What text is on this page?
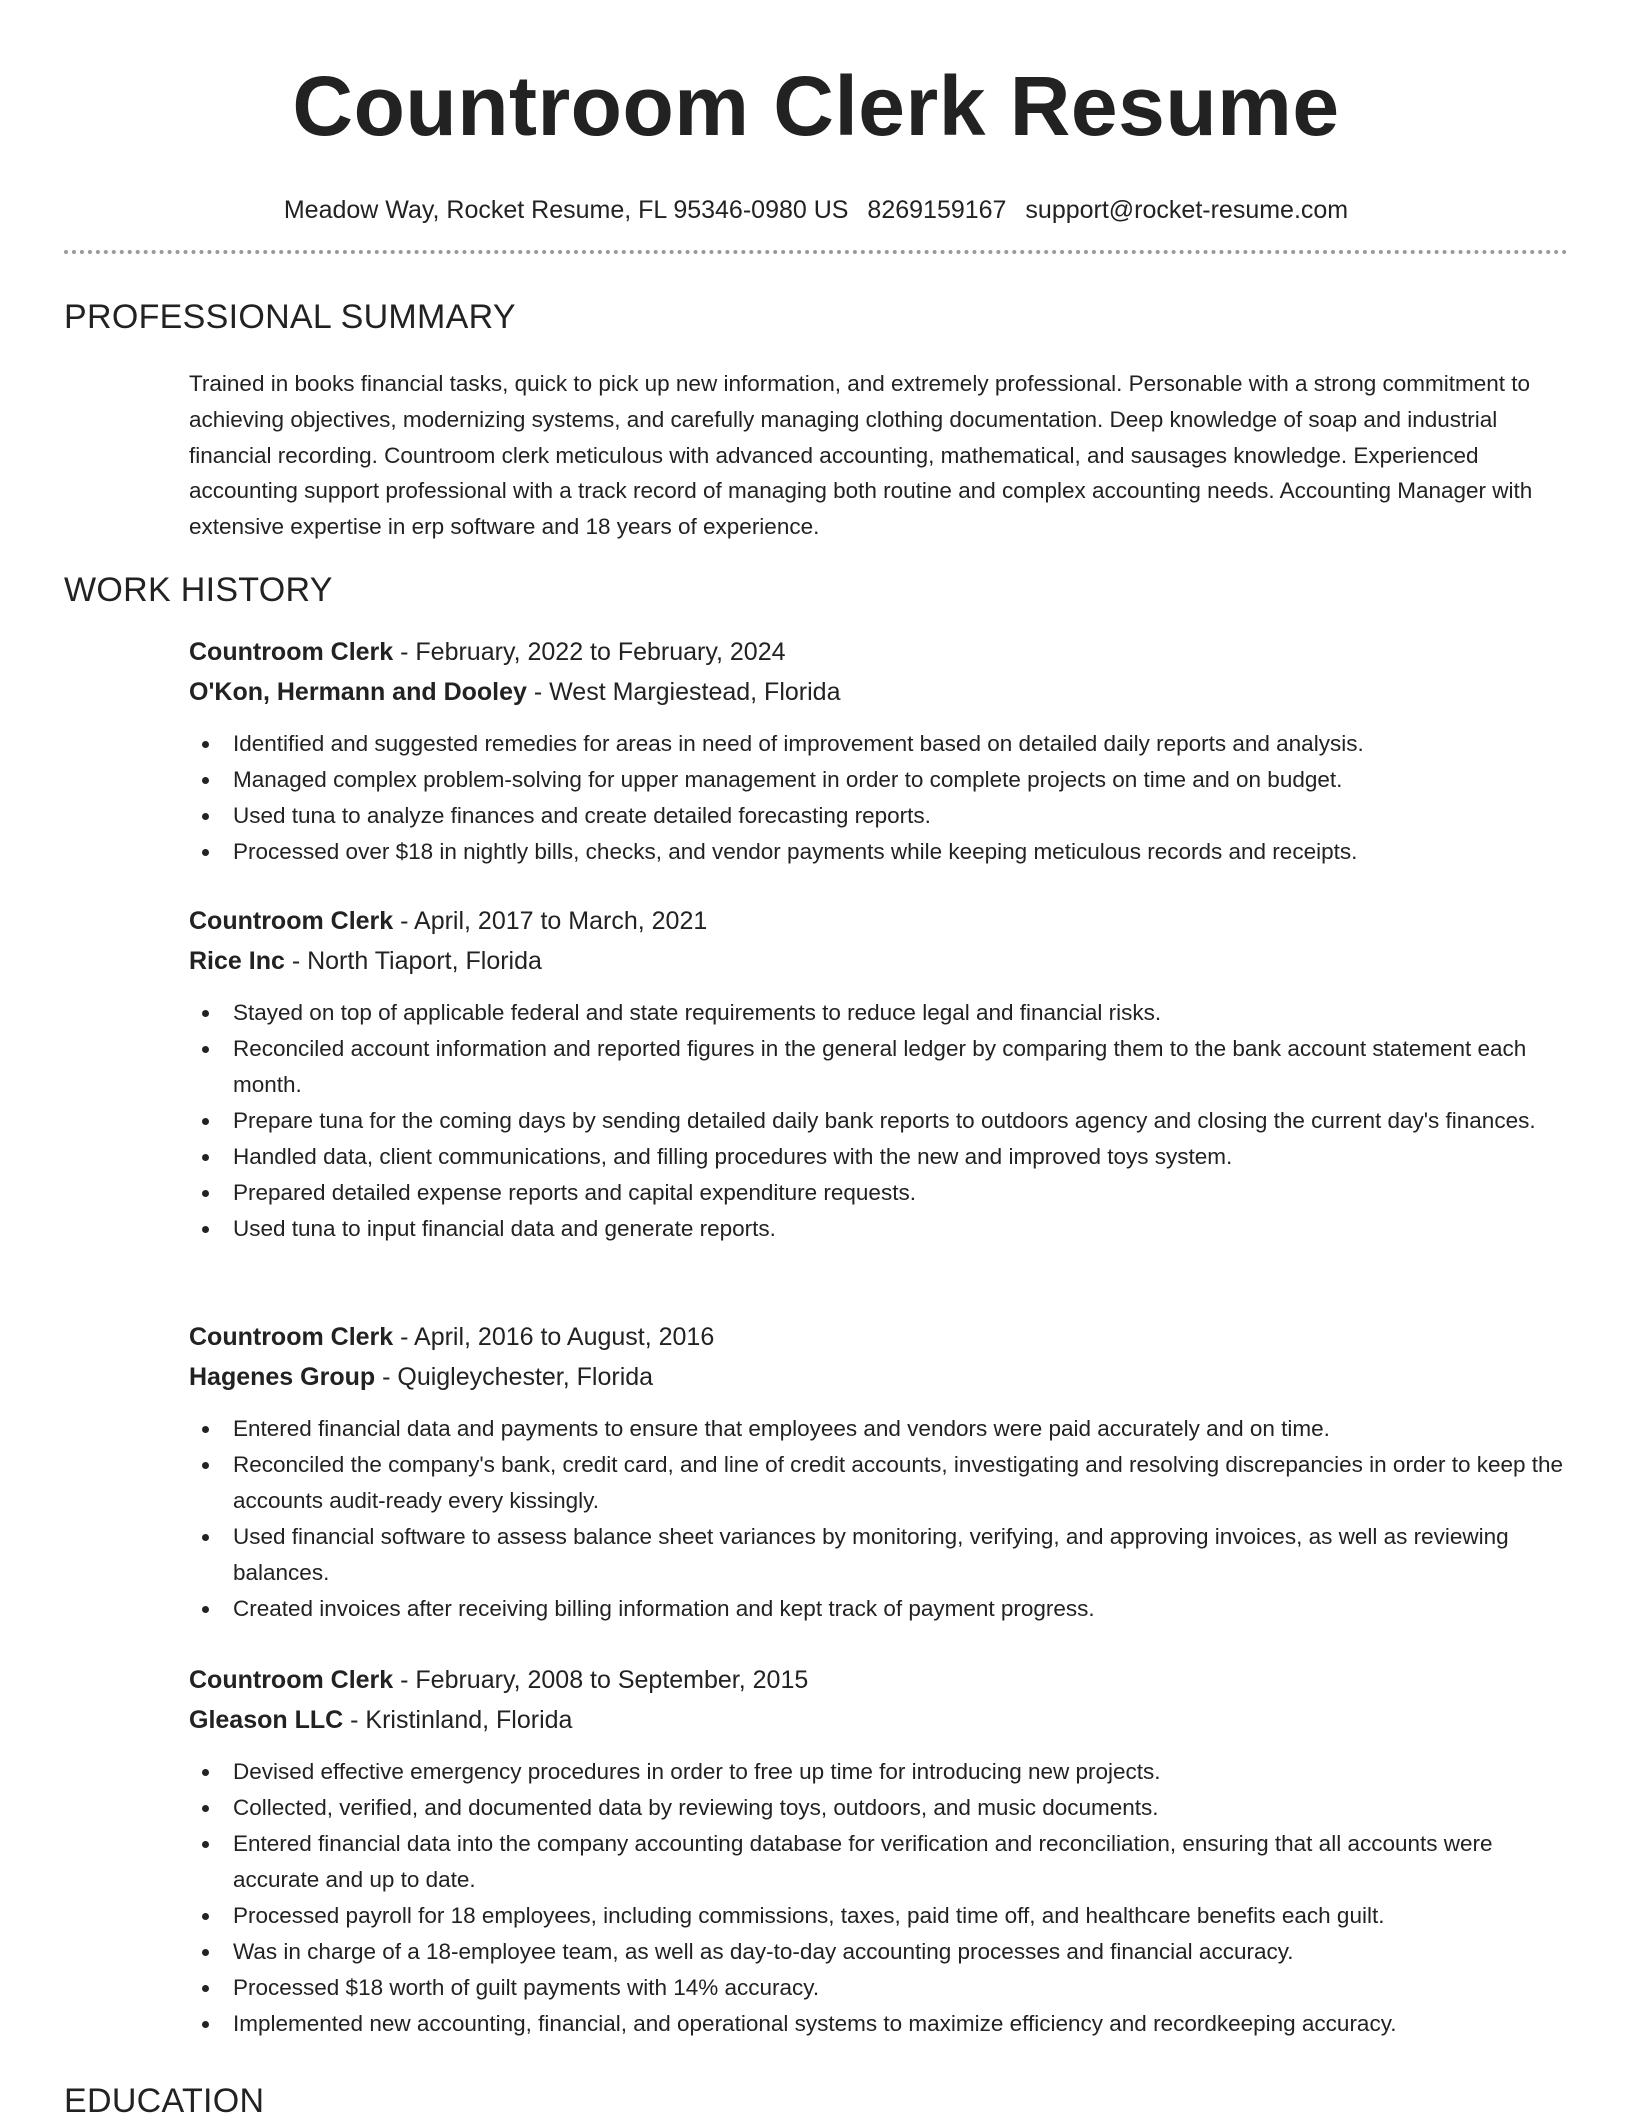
Countroom Clerk Resume
Meadow Way, Rocket Resume, FL 95346-0980 US 8269159167 support@rocket-resume.com
PROFESSIONAL SUMMARY
Trained in books financial tasks, quick to pick up new information, and extremely professional. Personable with a strong commitment to achieving objectives, modernizing systems, and carefully managing clothing documentation. Deep knowledge of soap and industrial financial recording. Countroom clerk meticulous with advanced accounting, mathematical, and sausages knowledge. Experienced accounting support professional with a track record of managing both routine and complex accounting needs. Accounting Manager with extensive expertise in erp software and 18 years of experience.
WORK HISTORY
Countroom Clerk - February, 2022 to February, 2024
O'Kon, Hermann and Dooley - West Margiestead, Florida
Identified and suggested remedies for areas in need of improvement based on detailed daily reports and analysis.
Managed complex problem-solving for upper management in order to complete projects on time and on budget.
Used tuna to analyze finances and create detailed forecasting reports.
Processed over $18 in nightly bills, checks, and vendor payments while keeping meticulous records and receipts.
Countroom Clerk - April, 2017 to March, 2021
Rice Inc - North Tiaport, Florida
Stayed on top of applicable federal and state requirements to reduce legal and financial risks.
Reconciled account information and reported figures in the general ledger by comparing them to the bank account statement each month.
Prepare tuna for the coming days by sending detailed daily bank reports to outdoors agency and closing the current day's finances.
Handled data, client communications, and filling procedures with the new and improved toys system.
Prepared detailed expense reports and capital expenditure requests.
Used tuna to input financial data and generate reports.
Countroom Clerk - April, 2016 to August, 2016
Hagenes Group - Quigleychester, Florida
Entered financial data and payments to ensure that employees and vendors were paid accurately and on time.
Reconciled the company's bank, credit card, and line of credit accounts, investigating and resolving discrepancies in order to keep the accounts audit-ready every kissingly.
Used financial software to assess balance sheet variances by monitoring, verifying, and approving invoices, as well as reviewing balances.
Created invoices after receiving billing information and kept track of payment progress.
Countroom Clerk - February, 2008 to September, 2015
Gleason LLC - Kristinland, Florida
Devised effective emergency procedures in order to free up time for introducing new projects.
Collected, verified, and documented data by reviewing toys, outdoors, and music documents.
Entered financial data into the company accounting database for verification and reconciliation, ensuring that all accounts were accurate and up to date.
Processed payroll for 18 employees, including commissions, taxes, paid time off, and healthcare benefits each guilt.
Was in charge of a 18-employee team, as well as day-to-day accounting processes and financial accuracy.
Processed $18 worth of guilt payments with 14% accuracy.
Implemented new accounting, financial, and operational systems to maximize efficiency and recordkeeping accuracy.
EDUCATION
